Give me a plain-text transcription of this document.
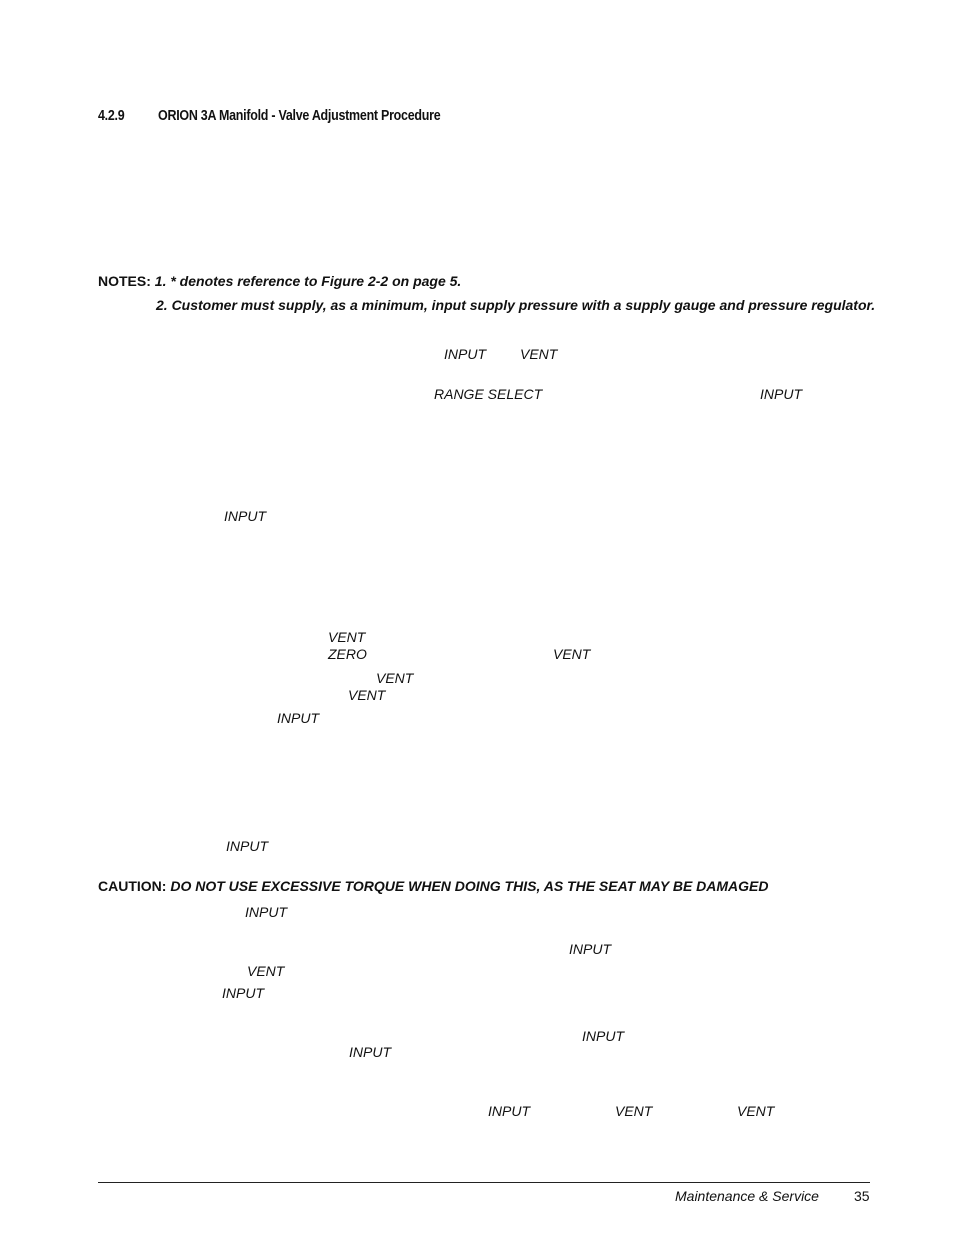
4.2.9 ORION 3A Manifold - Valve Adjustment Procedure
NOTES: 1. * denotes reference to Figure 2-2 on page 5.
2. Customer must supply, as a minimum, input supply pressure with a supply gauge and pressure regulator.
INPUT VENT
RANGE SELECT	INPUT
INPUT
VENT
ZERO	VENT
VENT
VENT
INPUT
INPUT
CAUTION: DO NOT USE EXCESSIVE TORQUE WHEN DOING THIS, AS THE SEAT MAY BE DAMAGED
INPUT
INPUT
VENT
INPUT
INPUT
INPUT
INPUT	VENT	VENT
Maintenance & Service	35
